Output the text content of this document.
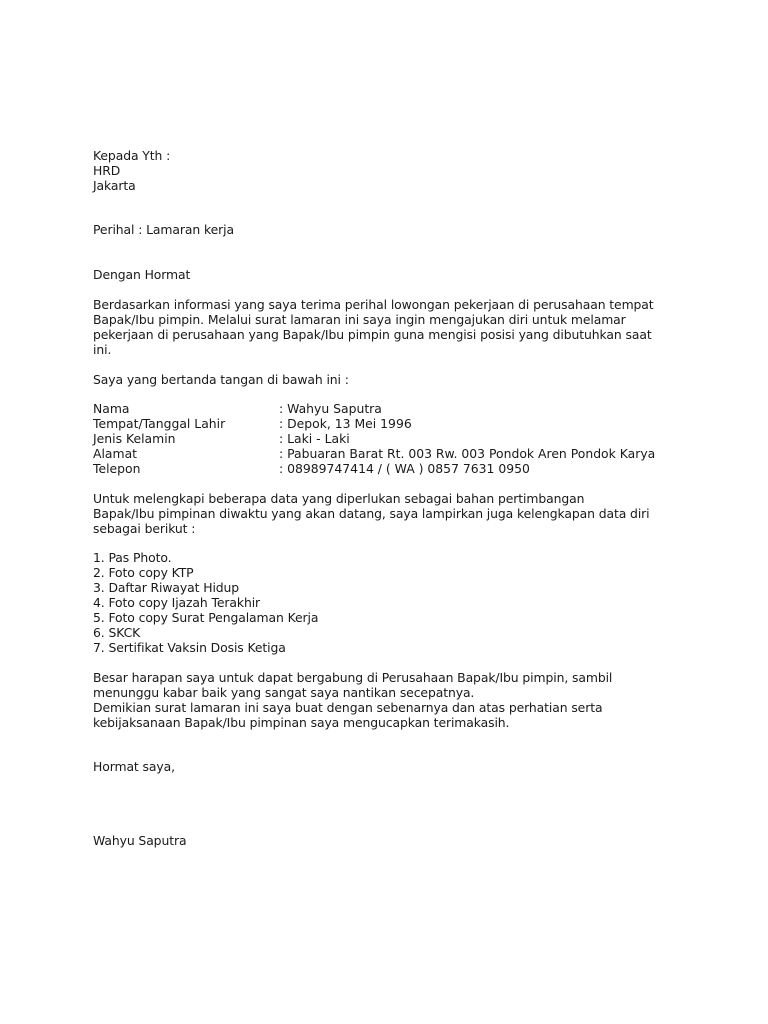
Kepada Yth :
HRD
Jakarta
Perihal : Lamaran kerja
Dengan Hormat
Berdasarkan informasi yang saya terima perihal lowongan pekerjaan di perusahaan tempat
Bapak/Ibu pimpin. Melalui surat lamaran ini saya ingin mengajukan diri untuk melamar
pekerjaan di perusahaan yang Bapak/Ibu pimpin guna mengisi posisi yang dibutuhkan saat
ini.
Saya yang bertanda tangan di bawah ini :
Nama	: Wahyu Saputra
Tempat/Tanggal Lahir	: Depok, 13 Mei 1996
Jenis Kelamin	: Laki - Laki
Alamat	: Pabuaran Barat Rt. 003 Rw. 003 Pondok Aren Pondok Karya
Telepon	: 08989747414 / ( WA ) 0857 7631 0950
Untuk melengkapi beberapa data yang diperlukan sebagai bahan pertimbangan
Bapak/Ibu pimpinan diwaktu yang akan datang, saya lampirkan juga kelengkapan data diri
sebagai berikut :
1. Pas Photo.
2. Foto copy KTP
3. Daftar Riwayat Hidup
4. Foto copy Ijazah Terakhir
5. Foto copy Surat Pengalaman Kerja
6. SKCK
7. Sertifikat Vaksin Dosis Ketiga
Besar harapan saya untuk dapat bergabung di Perusahaan Bapak/Ibu pimpin, sambil
menunggu kabar baik yang sangat saya nantikan secepatnya.
Demikian surat lamaran ini saya buat dengan sebenarnya dan atas perhatian serta
kebijaksanaan Bapak/Ibu pimpinan saya mengucapkan terimakasih.
Hormat saya,
Wahyu Saputra
